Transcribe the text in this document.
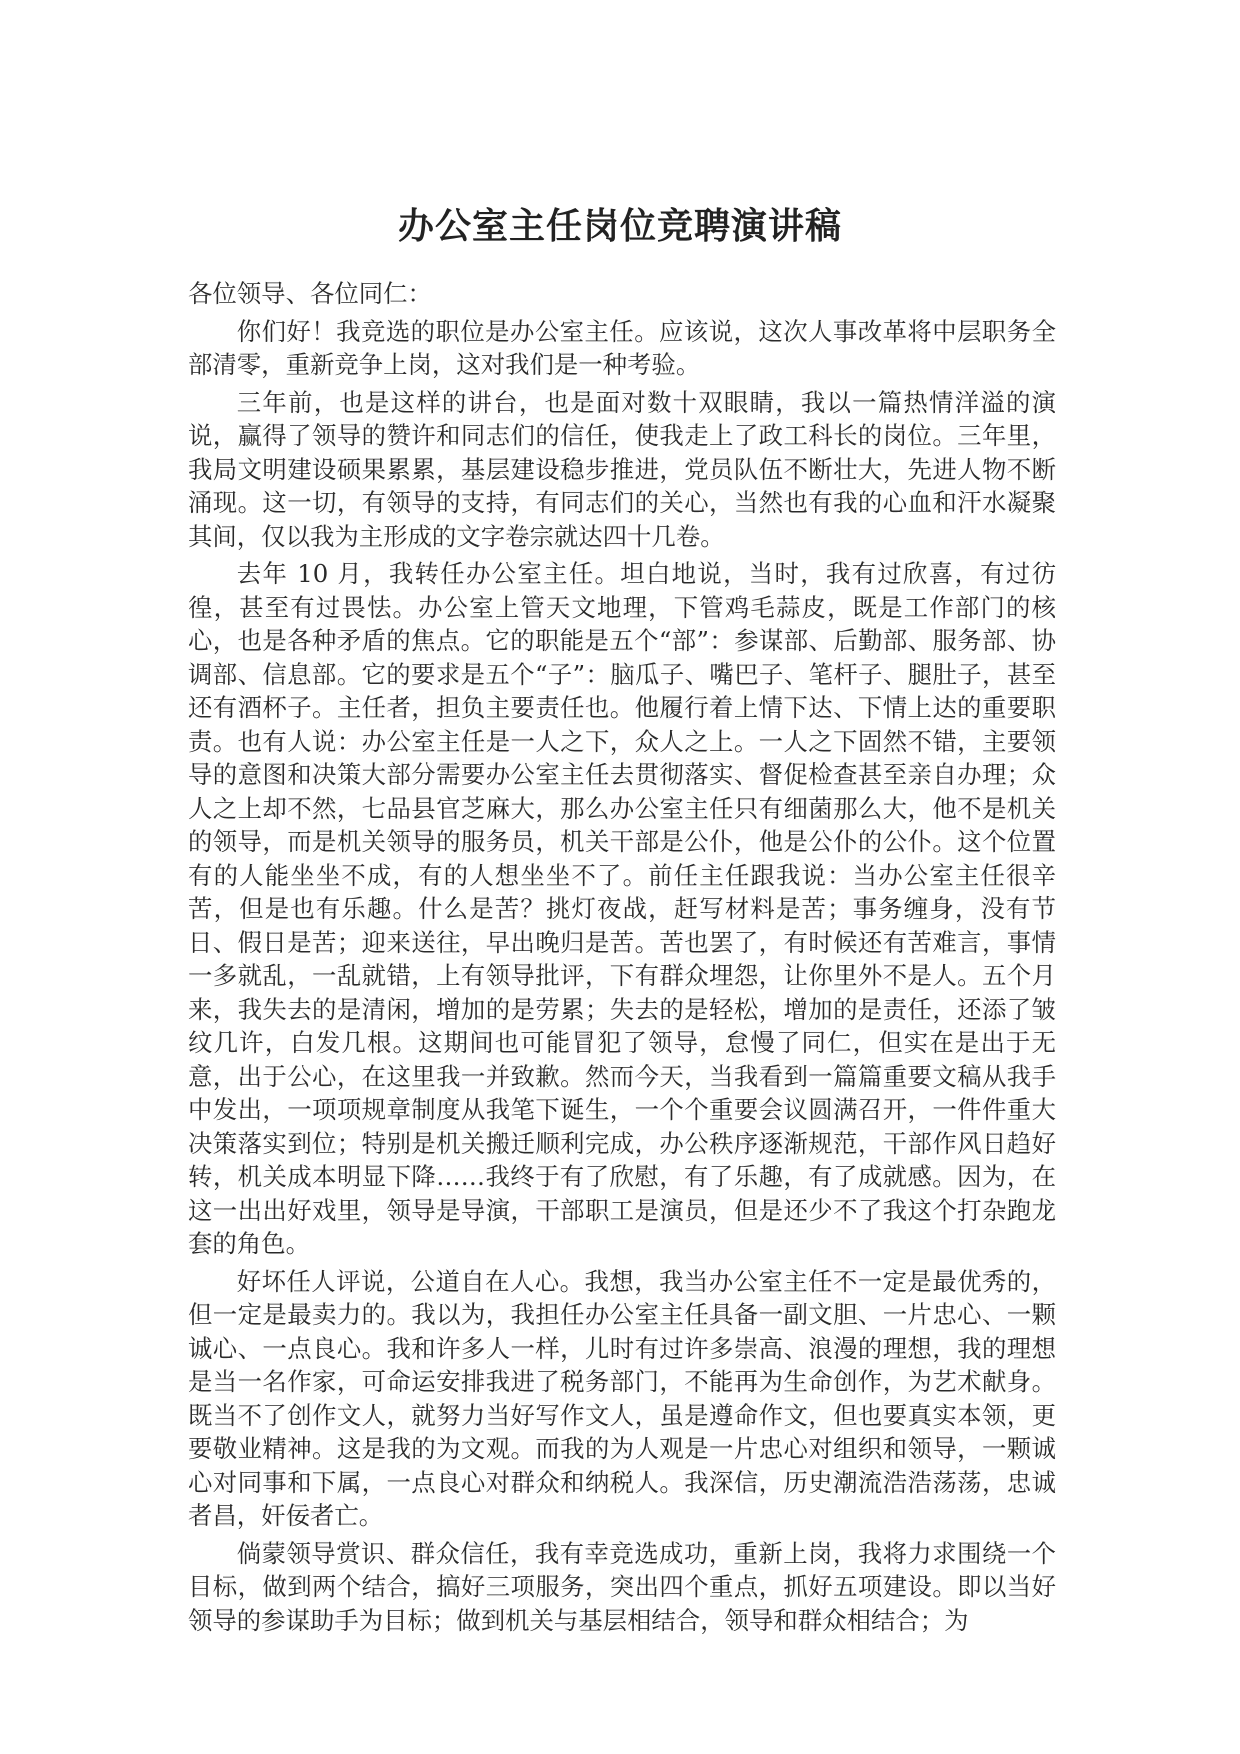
办公室主任岗位竞聘演讲稿

各位领导、各位同仁：

你们好！我竞选的职位是办公室主任。应该说，这次人事改革将中层职务全部清零，重新竞争上岗，这对我们是一种考验。

三年前，也是这样的讲台，也是面对数十双眼睛，我以一篇热情洋溢的演说，赢得了领导的赞许和同志们的信任，使我走上了政工科长的岗位。三年里，我局文明建设硕果累累，基层建设稳步推进，党员队伍不断壮大，先进人物不断涌现。这一切，有领导的支持，有同志们的关心，当然也有我的心血和汗水凝聚其间，仅以我为主形成的文字卷宗就达四十几卷。

去年 10 月，我转任办公室主任。坦白地说，当时，我有过欣喜，有过彷徨，甚至有过畏怯。办公室上管天文地理，下管鸡毛蒜皮，既是工作部门的核心，也是各种矛盾的焦点。它的职能是五个“部”：参谋部、后勤部、服务部、协调部、信息部。它的要求是五个“子”：脑瓜子、嘴巴子、笔杆子、腿肚子，甚至还有酒杯子。主任者，担负主要责任也。他履行着上情下达、下情上达的重要职责。也有人说：办公室主任是一人之下，众人之上。一人之下固然不错，主要领导的意图和决策大部分需要办公室主任去贯彻落实、督促检查甚至亲自办理；众人之上却不然，七品县官芝麻大，那么办公室主任只有细菌那么大，他不是机关的领导，而是机关领导的服务员，机关干部是公仆，他是公仆的公仆。这个位置有的人能坐坐不成，有的人想坐坐不了。前任主任跟我说：当办公室主任很辛苦，但是也有乐趣。什么是苦？挑灯夜战，赶写材料是苦；事务缠身，没有节日、假日是苦；迎来送往，早出晚归是苦。苦也罢了，有时候还有苦难言，事情一多就乱，一乱就错，上有领导批评，下有群众埋怨，让你里外不是人。五个月来，我失去的是清闲，增加的是劳累；失去的是轻松，增加的是责任，还添了皱纹几许，白发几根。这期间也可能冒犯了领导，怠慢了同仁，但实在是出于无意，出于公心，在这里我一并致歉。然而今天，当我看到一篇篇重要文稿从我手中发出，一项项规章制度从我笔下诞生，一个个重要会议圆满召开，一件件重大决策落实到位；特别是机关搬迁顺利完成，办公秩序逐渐规范，干部作风日趋好转，机关成本明显下降……我终于有了欣慰，有了乐趣，有了成就感。因为，在这一出出好戏里，领导是导演，干部职工是演员，但是还少不了我这个打杂跑龙套的角色。

好坏任人评说，公道自在人心。我想，我当办公室主任不一定是最优秀的，但一定是最卖力的。我以为，我担任办公室主任具备一副文胆、一片忠心、一颗诚心、一点良心。我和许多人一样，儿时有过许多崇高、浪漫的理想，我的理想是当一名作家，可命运安排我进了税务部门，不能再为生命创作，为艺术献身。既当不了创作文人，就努力当好写作文人，虽是遵命作文，但也要真实本领，更要敬业精神。这是我的为文观。而我的为人观是一片忠心对组织和领导，一颗诚心对同事和下属，一点良心对群众和纳税人。我深信，历史潮流浩浩荡荡，忠诚者昌，奸佞者亡。

倘蒙领导赏识、群众信任，我有幸竞选成功，重新上岗，我将力求围绕一个目标，做到两个结合，搞好三项服务，突出四个重点，抓好五项建设。即以当好领导的参谋助手为目标；做到机关与基层相结合，领导和群众相结合；为
